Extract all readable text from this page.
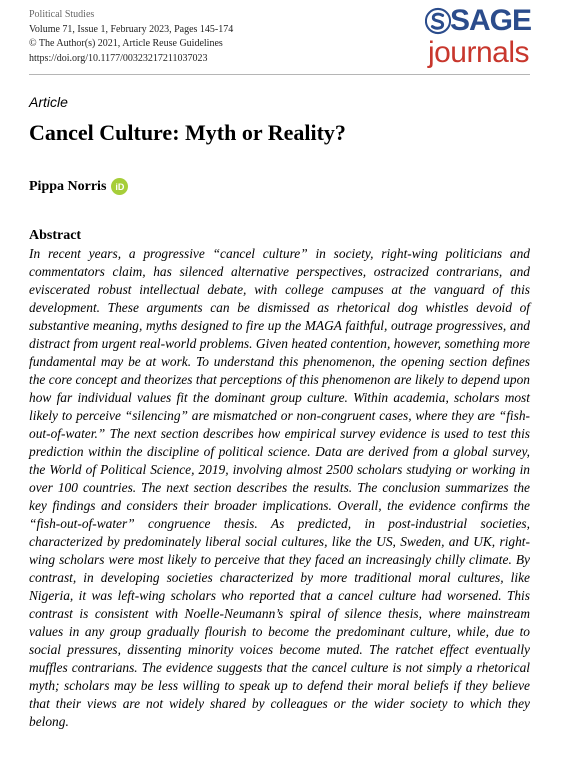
Political Studies
Volume 71, Issue 1, February 2023, Pages 145-174
© The Author(s) 2021, Article Reuse Guidelines
https://doi.org/10.1177/00323217211037023
SAGE
journals
Article
Cancel Culture: Myth or Reality?
Pippa Norris	iD
Abstract

In recent years, a progressive “cancel culture” in society, right-wing politicians and commentators claim, has silenced alternative perspectives, ostracized contrarians, and eviscerated robust intellectual debate, with college campuses at the vanguard of this development. These arguments can be dismissed as rhetorical dog whistles devoid of substantive meaning, myths designed to fire up the MAGA faithful, outrage progressives, and distract from urgent real-world problems. Given heated contention, however, something more fundamental may be at work. To understand this phenomenon, the opening section defines the core concept and theorizes that perceptions of this phenomenon are likely to depend upon how far individual values fit the dominant group culture. Within academia, scholars most likely to perceive “silencing” are mismatched or non-congruent cases, where they are “fish-out-of-water.” The next section describes how empirical survey evidence is used to test this prediction within the discipline of political science. Data are derived from a global survey, the World of Political Science, 2019, involving almost 2500 scholars studying or working in over 100 countries. The next section describes the results. The conclusion summarizes the key findings and considers their broader implications. Overall, the evidence confirms the “fish-out-of-water” congruence thesis. As predicted, in post-industrial societies, characterized by predominately liberal social cultures, like the US, Sweden, and UK, right-wing scholars were most likely to perceive that they faced an increasingly chilly climate. By contrast, in developing societies characterized by more traditional moral cultures, like Nigeria, it was left-wing scholars who reported that a cancel culture had worsened. This contrast is consistent with Noelle-Neumann’s spiral of silence thesis, where mainstream values in any group gradually flourish to become the predominant culture, while, due to social pressures, dissenting minority voices become muted. The ratchet effect eventually muffles contrarians. The evidence suggests that the cancel culture is not simply a rhetorical myth; scholars may be less willing to speak up to defend their moral beliefs if they believe that their views are not widely shared by colleagues or the wider society to which they belong.
